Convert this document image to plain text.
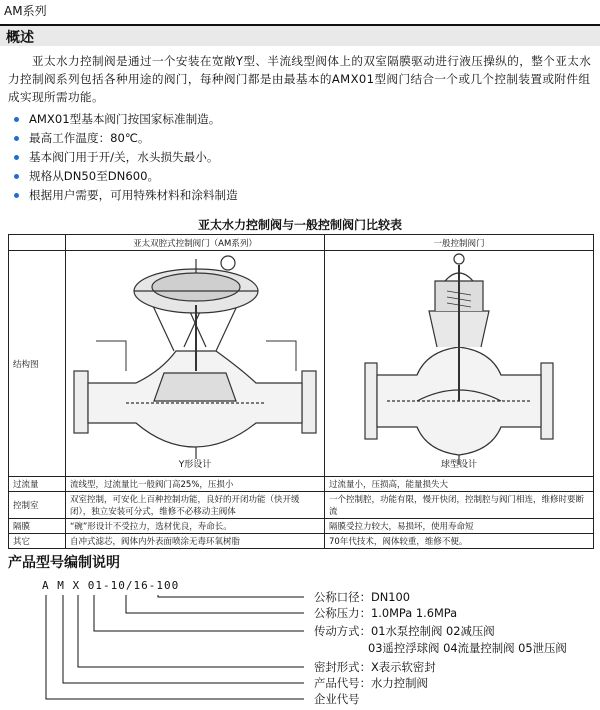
AM系列
概述

亚太水力控制阀是通过一个安装在宽敞Y型、半流线型阀体上的双室隔膜驱动进行液压操纵的，整个亚太水力控制阀系列包括各种用途的阀门，每种阀门都是由最基本的AMX01型阀门结合一个或几个控制装置或附件组成实现所需功能。

AMX01型基本阀门按国家标准制造。
最高工作温度：80℃。
基本阀门用于开/关，水头损失最小。
规格从DN50至DN600。
根据用户需要，可用特殊材料和涂料制造
亚太水力控制阀与一般控制阀门比较表
	亚太双腔式控制阀门（AM系列）	一般控制阀门
结构图	Y形设计	球型设计

过流量	流线型，过流量比一般阀门高25%，压损小	过流量小，压损高，能量损失大
控制室	双室控制，可安化上百种控制功能，良好的开闭功能（快开缓闭），独立安装可分式，维修不必移动主阀体	一个控制腔，功能有限，慢开快闭，控制腔与阀门相连，维修时要断流
隔膜	“碗”形设计不受拉力，选材优良，寿命长。	隔膜受拉力较大，易损坏，使用寿命短
其它	自冲式滤芯，阀体内外表面喷涂无毒环氧树脂	70年代技术，阀体较重，维修不便。
产品型号编制说明
A M X 01-10/16-100
公称口径：DN100
公称压力：1.0MPa 1.6MPa
传动方式：01水泵控制阀 02减压阀
03遥控浮球阀 04流量控制阀 05泄压阀
密封形式：X表示软密封
产品代号：水力控制阀
企业代号
